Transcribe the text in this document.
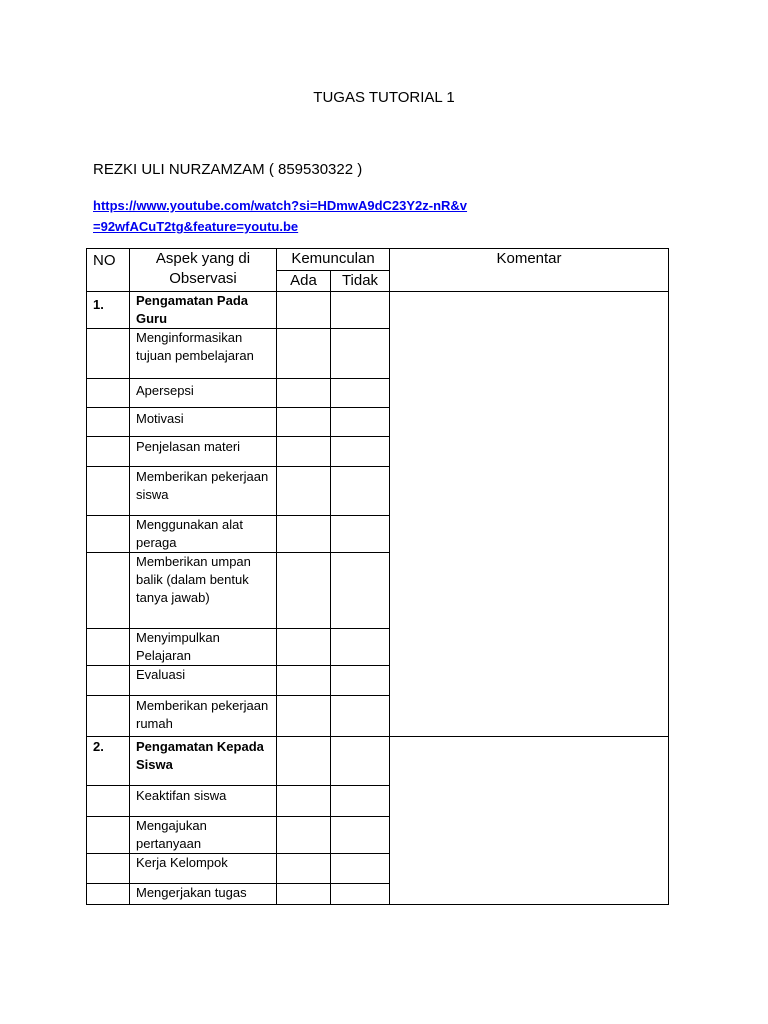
TUGAS TUTORIAL 1
REZKI ULI NURZAMZAM ( 859530322 )
https://www.youtube.com/watch?si=HDmwA9dC23Y2z-nR&v=92wfACuT2tg&feature=youtu.be
NO	Aspek yang di Observasi	Kemunculan		Komentar
		Ada	Tidak	
1.	Pengamatan Pada Guru			
	Menginformasikan tujuan pembelajaran			
	Apersepsi			
	Motivasi			
	Penjelasan materi			
	Memberikan pekerjaan siswa			
	Menggunakan alat peraga			
	Memberikan umpan balik (dalam bentuk tanya jawab)			
	Menyimpulkan Pelajaran			
	Evaluasi			
	Memberikan pekerjaan rumah			
2.	Pengamatan Kepada Siswa			
	Keaktifan siswa			
	Mengajukan pertanyaan			
	Kerja Kelompok			
	Mengerjakan tugas			
